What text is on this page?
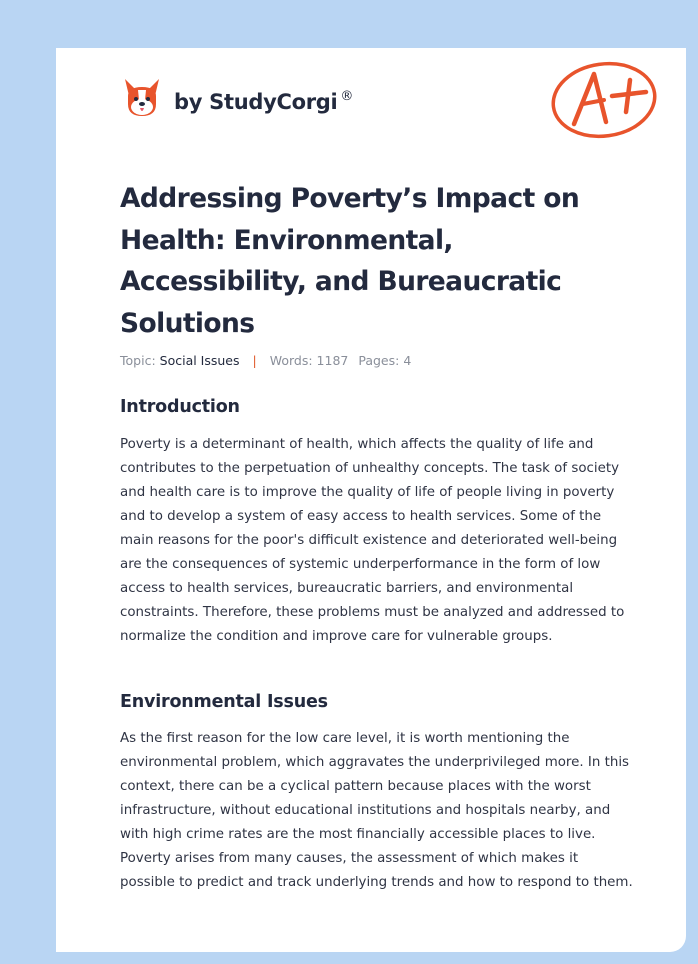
by StudyCorgi ®
Addressing Poverty’s Impact on Health: Environmental, Accessibility, and Bureaucratic Solutions
Topic: Social Issues | Words: 1187 Pages: 4
Introduction

Poverty is a determinant of health, which affects the quality of life and contributes to the perpetuation of unhealthy concepts. The task of society and health care is to improve the quality of life of people living in poverty and to develop a system of easy access to health services. Some of the main reasons for the poor's difficult existence and deteriorated well-being are the consequences of systemic underperformance in the form of low access to health services, bureaucratic barriers, and environmental constraints. Therefore, these problems must be analyzed and addressed to normalize the condition and improve care for vulnerable groups.

Environmental Issues

As the first reason for the low care level, it is worth mentioning the environmental problem, which aggravates the underprivileged more. In this context, there can be a cyclical pattern because places with the worst infrastructure, without educational institutions and hospitals nearby, and with high crime rates are the most financially accessible places to live. Poverty arises from many causes, the assessment of which makes it possible to predict and track underlying trends and how to respond to them.
